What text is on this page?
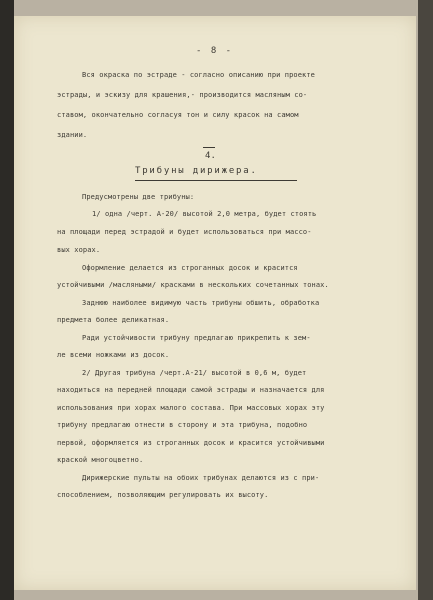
- 8 -
Вся окраска по эстраде - согласно описанию при проекте
эстрады, и эскизу для крашения,- производится масляным со-
ставом, окончательно согласуя тон и силу красок на самом
здании.
4.
Трибуны дирижера.
Предусмотрены две трибуны:
1/ одна /черт. А-20/ высотой 2,0 метра, будет стоять
на площади перед эстрадой и будет использоваться при массо-
вых хорах.
Оформление делается из строганных досок и красится
устойчивыми /масляными/ красками в нескольких сочетанных тонах.
Заднюю наиболее видимую часть трибуны обшить, обработка
предмета более деликатная.
Ради устойчивости трибуну предлагаю прикрепить к зем-
ле всеми ножками из досок.
2/ Другая трибуна /черт.А-21/ высотой в 0,6 м, будет
находиться на передней площади самой эстрады и назначается для
использования при хорах малого состава. При массовых хорах эту
трибуну предлагаю отнести в сторону и эта трибуна, подобно
первой, оформляется из строганных досок и красится устойчивыми
краской многоцветно.
Дирижерские пульты на обоих трибунах делаются из с при-
способлением, позволяющим регулировать их высоту.
